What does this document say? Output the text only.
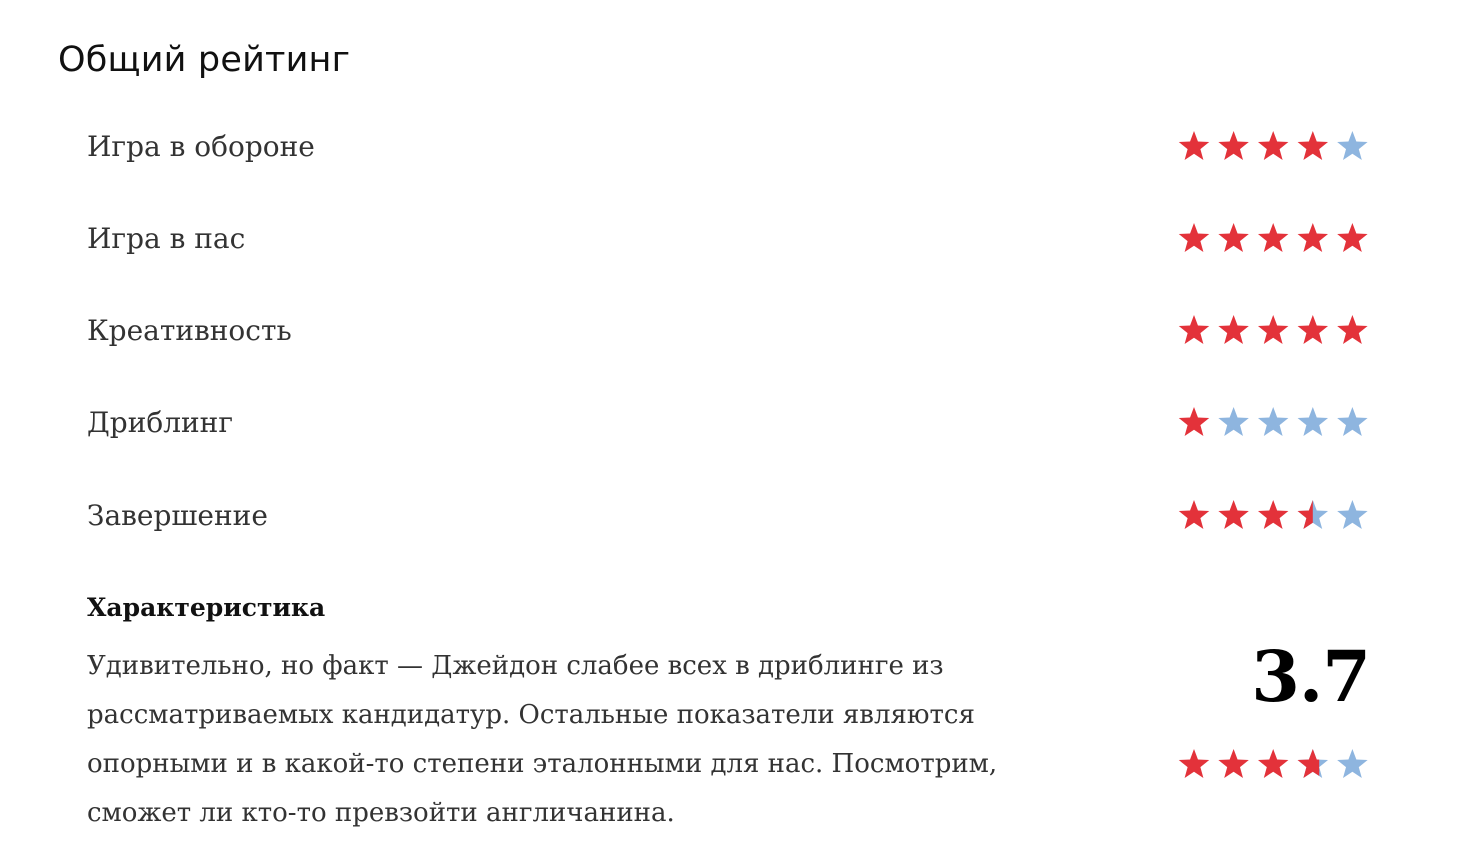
Общий рейтинг
Игра в обороне
Игра в пас
Креативность
Дриблинг
Завершение
Характеристика

Удивительно, но факт — Джейдон слабее всех в дриблинге из рассматриваемых кандидатур. Остальные показатели являются опорными и в какой-то степени эталонными для нас. Посмотрим, сможет ли кто-то превзойти англичанина.

3.7
